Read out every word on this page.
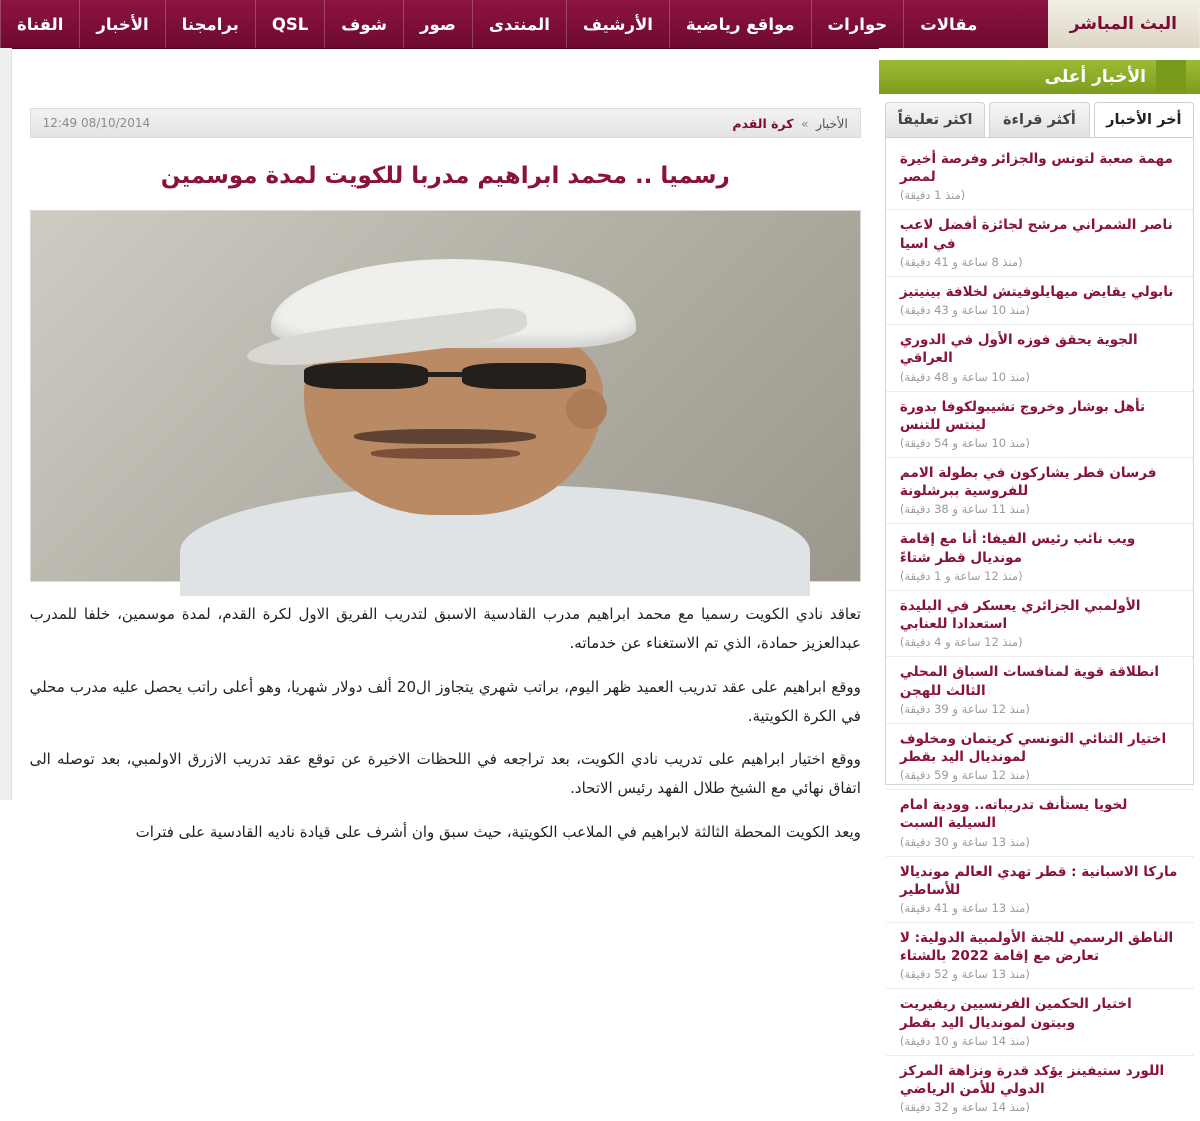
البث المباشر
مقالات
حوارات
مواقع رياضية
الأرشيف
المنتدى
صور
شوف
QSL
برامجنا
الأخبار
القناة
الأخبار أعلى
أخر الأخبار
أكثر قراءة
اكثر تعليقاً
مهمة صعبة لتونس والجزائر وفرصة أخيرة لمصر
(منذ 1 دقيقة)
ناصر الشمراني مرشح لجائزة أفضل لاعب في اسيا
(منذ 8 ساعة و 41 دقيقة)
نابولي يقايض ميهايلوفيتش لخلافة بينيتيز
(منذ 10 ساعة و 43 دقيقة)
الجوية يحقق فوزه الأول في الدوري العراقي
(منذ 10 ساعة و 48 دقيقة)
تأهل بوشار وخروج تشيبولكوفا بدورة لينتس للتنس
(منذ 10 ساعة و 54 دقيقة)
فرسان قطر يشاركون في بطولة الامم للفروسية ببرشلونة
(منذ 11 ساعة و 38 دقيقة)
ويب نائب رئيس الفيفا: أنا مع إقامة مونديال قطر شتاءً
(منذ 12 ساعة و 1 دقيقة)
الأولمبي الجزائري يعسكر في البليدة استعدادا للعنابي
(منذ 12 ساعة و 4 دقيقة)
انطلاقة قوية لمنافسات السباق المحلي الثالث للهجن
(منذ 12 ساعة و 39 دقيقة)
اختيار الثنائي التونسي كريتمان ومخلوف لمونديال اليد بقطر
(منذ 12 ساعة و 59 دقيقة)
لخويا يستأنف تدريباته.. وودية امام السيلية السبت
(منذ 13 ساعة و 30 دقيقة)
ماركا الاسبانية : قطر تهدي العالم مونديالا للأساطير
(منذ 13 ساعة و 41 دقيقة)
الناطق الرسمي للجنة الأولمبية الدولية: لا تعارض مع إقامة 2022 بالشتاء
(منذ 13 ساعة و 52 دقيقة)
اختيار الحكمين الفرنسيين ريفيريت وبيتون لمونديال اليد بقطر
(منذ 14 ساعة و 10 دقيقة)
اللورد ستيفينز يؤكد قدرة ونزاهة المركز الدولي للأمن الرياضي
(منذ 14 ساعة و 32 دقيقة)
الأخبار » كرة القدم
12:49 08/10/2014
رسميا .. محمد ابراهيم مدربا للكويت لمدة موسمين

تعاقد نادي الكويت رسميا مع محمد ابراهيم مدرب القادسية الاسبق لتدريب الفريق الاول لكرة القدم، لمدة موسمين، خلفا للمدرب عبدالعزيز حمادة، الذي تم الاستغناء عن خدماته.

ووقع ابراهيم على عقد تدريب العميد ظهر اليوم، براتب شهري يتجاوز ال20 ألف دولار شهريا، وهو أعلى راتب يحصل عليه مدرب محلي في الكرة الكويتية.

ووقع اختيار ابراهيم على تدريب نادي الكويت، بعد تراجعه في اللحظات الاخيرة عن توقع عقد تدريب الازرق الاولمبي، بعد توصله الى اتفاق نهائي مع الشيخ طلال الفهد رئيس الاتحاد.

ويعد الكويت المحطة الثالثة لابراهيم في الملاعب الكويتية، حيث سبق وان أشرف على قيادة ناديه القادسية على فترات
